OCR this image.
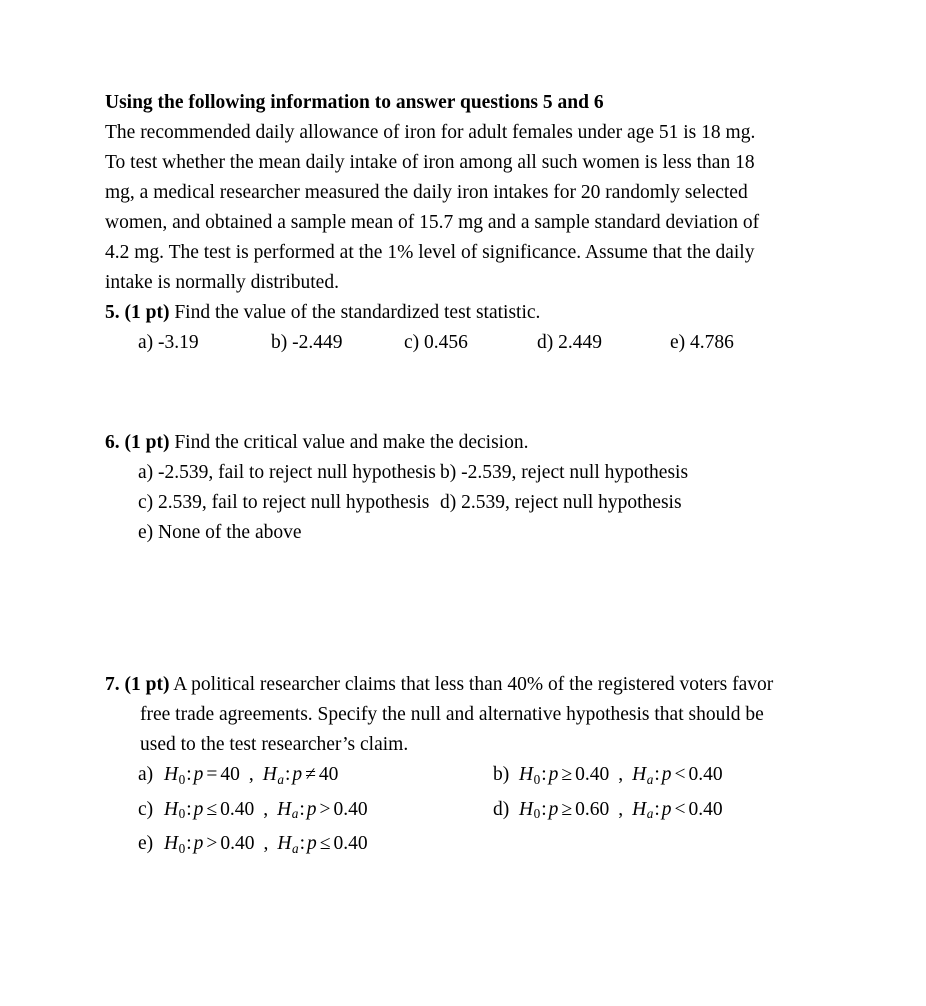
Using the following information to answer questions 5 and 6
The recommended daily allowance of iron for adult females under age 51 is 18 mg.
To test whether the mean daily intake of iron among all such women is less than 18
mg, a medical researcher measured the daily iron intakes for 20 randomly selected
women, and obtained a sample mean of 15.7 mg and a sample standard deviation of
4.2 mg. The test is performed at the 1% level of significance. Assume that the daily
intake is normally distributed.
5. (1 pt) Find the value of the standardized test statistic.
a) -3.19	b) -2.449	c) 0.456	d) 2.449	e) 4.786
6. (1 pt) Find the critical value and make the decision.
a) -2.539, fail to reject null hypothesis b) -2.539, reject null hypothesis
c) 2.539, fail to reject null hypothesis d) 2.539, reject null hypothesis
e) None of the above
7. (1 pt) A political researcher claims that less than 40% of the registered voters favor
free trade agreements. Specify the null and alternative hypothesis that should be
used to the test researcher’s claim.
a) H0: p = 40 , $H_a$: p ≠ 40	b) H0: p ≥ 0.40 , $H_a$: p < 0.40
c) H0: p ≤ 0.40 , $H_a$: p > 0.40	d) H0: p ≥ 0.60 , $H_a$: p < 0.40
e) H0: p > 0.40 , $H_a$: p ≤ 0.40
